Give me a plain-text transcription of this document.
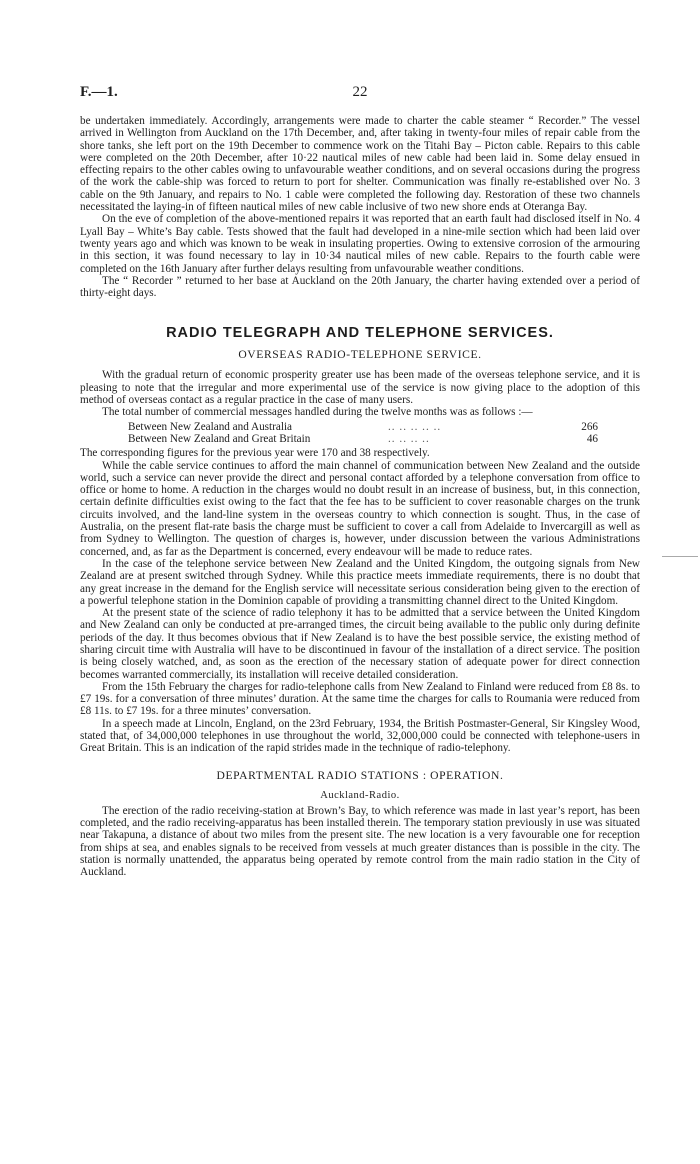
F.—1.	22

be undertaken immediately. Accordingly, arrangements were made to charter the cable steamer “ Recorder.” The vessel arrived in Wellington from Auckland on the 17th December, and, after taking in twenty-four miles of repair cable from the shore tanks, she left port on the 19th December to commence work on the Titahi Bay – Picton cable. Repairs to this cable were completed on the 20th December, after 10·22 nautical miles of new cable had been laid in. Some delay ensued in effecting repairs to the other cables owing to unfavourable weather conditions, and on several occasions during the progress of the work the cable-ship was forced to return to port for shelter. Communication was finally re-established over No. 3 cable on the 9th January, and repairs to No. 1 cable were completed the following day. Restoration of these two channels necessitated the laying-in of fifteen nautical miles of new cable inclusive of two new shore ends at Oteranga Bay.

On the eve of completion of the above-mentioned repairs it was reported that an earth fault had disclosed itself in No. 4 Lyall Bay – White’s Bay cable. Tests showed that the fault had developed in a nine-mile section which had been laid over twenty years ago and which was known to be weak in insulating properties. Owing to extensive corrosion of the armouring in this section, it was found necessary to lay in 10·34 nautical miles of new cable. Repairs to the fourth cable were completed on the 16th January after further delays resulting from unfavourable weather conditions.

The “ Recorder ” returned to her base at Auckland on the 20th January, the charter having extended over a period of thirty-eight days.

RADIO TELEGRAPH AND TELEPHONE SERVICES.
OVERSEAS RADIO-TELEPHONE SERVICE.

With the gradual return of economic prosperity greater use has been made of the overseas telephone service, and it is pleasing to note that the irregular and more experimental use of the service is now giving place to the adoption of this method of overseas contact as a regular practice in the case of many users.

The total number of commercial messages handled during the twelve months was as follows :—

Between New Zealand and Australia	.. .. .. .. ..	266
Between New Zealand and Great Britain	.. .. .. ..	46

The corresponding figures for the previous year were 170 and 38 respectively.

While the cable service continues to afford the main channel of communication between New Zealand and the outside world, such a service can never provide the direct and personal contact afforded by a telephone conversation from office to office or home to home. A reduction in the charges would no doubt result in an increase of business, but, in this connection, certain definite difficulties exist owing to the fact that the fee has to be sufficient to cover reasonable charges on the trunk circuits involved, and the land-line system in the overseas country to which connection is sought. Thus, in the case of Australia, on the present flat-rate basis the charge must be sufficient to cover a call from Adelaide to Invercargill as well as from Sydney to Wellington. The question of charges is, however, under discussion between the various Administrations concerned, and, as far as the Department is concerned, every endeavour will be made to reduce rates.

In the case of the telephone service between New Zealand and the United Kingdom, the outgoing signals from New Zealand are at present switched through Sydney. While this practice meets immediate requirements, there is no doubt that any great increase in the demand for the English service will necessitate serious consideration being given to the erection of a powerful telephone station in the Dominion capable of providing a transmitting channel direct to the United Kingdom.

At the present state of the science of radio telephony it has to be admitted that a service between the United Kingdom and New Zealand can only be conducted at pre-arranged times, the circuit being available to the public only during definite periods of the day. It thus becomes obvious that if New Zealand is to have the best possible service, the existing method of sharing circuit time with Australia will have to be discontinued in favour of the installation of a direct service. The position is being closely watched, and, as soon as the erection of the necessary station of adequate power for direct connection becomes warranted commercially, its installation will receive detailed consideration.

From the 15th February the charges for radio-telephone calls from New Zealand to Finland were reduced from £8 8s. to £7 19s. for a conversation of three minutes’ duration. At the same time the charges for calls to Roumania were reduced from £8 11s. to £7 19s. for a three minutes’ conversation.

In a speech made at Lincoln, England, on the 23rd February, 1934, the British Postmaster-General, Sir Kingsley Wood, stated that, of 34,000,000 telephones in use throughout the world, 32,000,000 could be connected with telephone-users in Great Britain. This is an indication of the rapid strides made in the technique of radio-telephony.

DEPARTMENTAL RADIO STATIONS : OPERATION.
Auckland-Radio.

The erection of the radio receiving-station at Brown’s Bay, to which reference was made in last year’s report, has been completed, and the radio receiving-apparatus has been installed therein. The temporary station previously in use was situated near Takapuna, a distance of about two miles from the present site. The new location is a very favourable one for reception from ships at sea, and enables signals to be received from vessels at much greater distances than is possible in the city. The station is normally unattended, the apparatus being operated by remote control from the main radio station in the City of Auckland.
